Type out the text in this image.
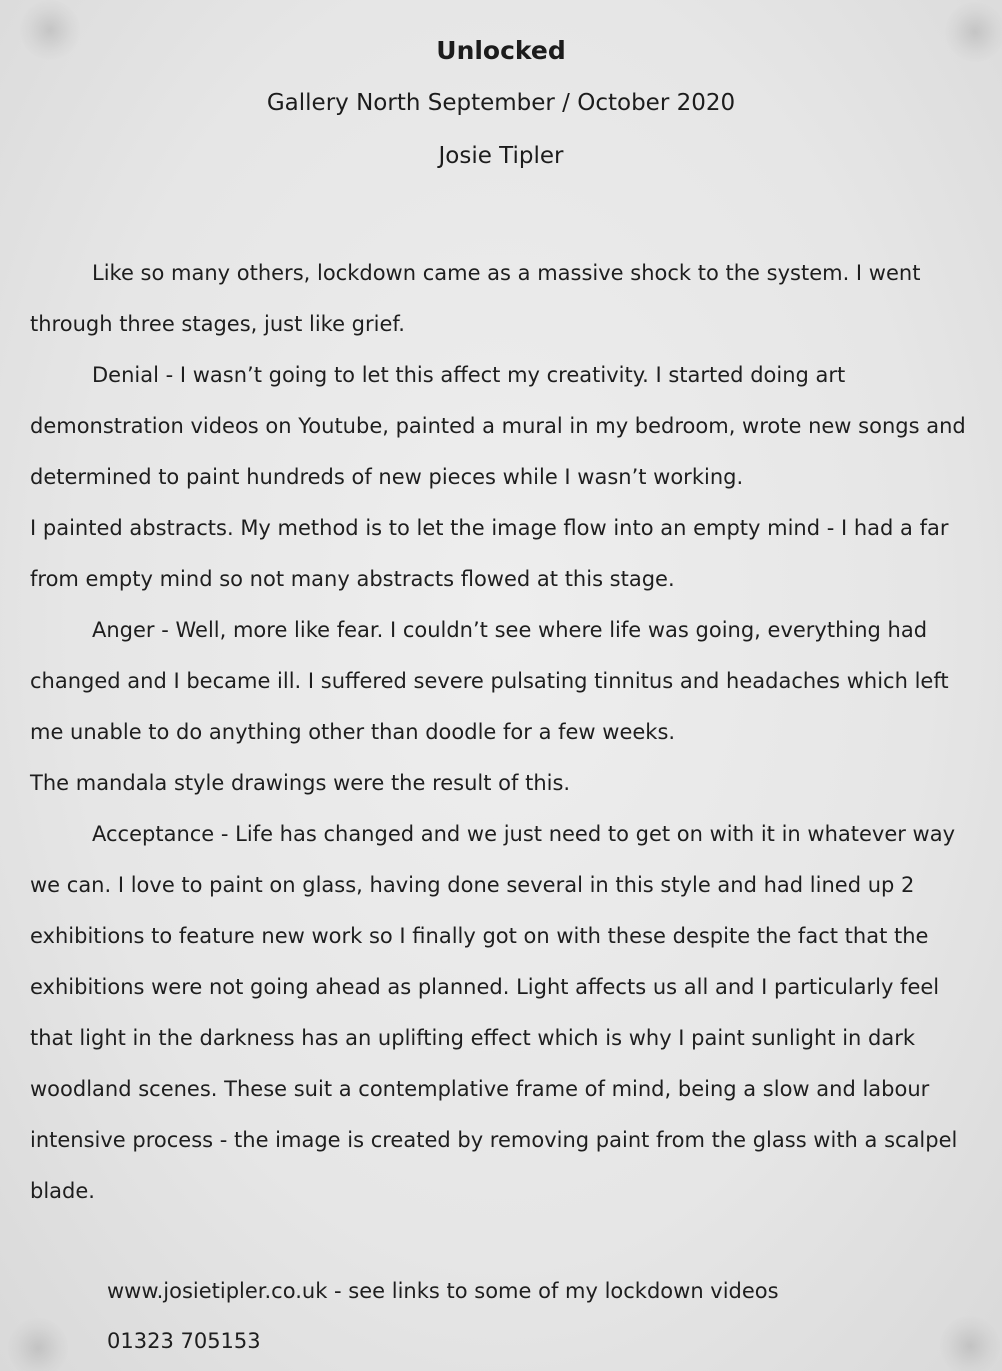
Unlocked
Gallery North September / October 2020
Josie Tipler

Like so many others, lockdown came as a massive shock to the system. I went through three stages, just like grief.

Denial - I wasn’t going to let this affect my creativity. I started doing art demonstration videos on Youtube, painted a mural in my bedroom, wrote new songs and determined to paint hundreds of new pieces while I wasn’t working.

I painted abstracts. My method is to let the image flow into an empty mind - I had a far from empty mind so not many abstracts flowed at this stage.

Anger - Well, more like fear. I couldn’t see where life was going, everything had changed and I became ill. I suffered severe pulsating tinnitus and headaches which left me unable to do anything other than doodle for a few weeks.

The mandala style drawings were the result of this.

Acceptance - Life has changed and we just need to get on with it in whatever way we can. I love to paint on glass, having done several in this style and had lined up 2 exhibitions to feature new work so I finally got on with these despite the fact that the exhibitions were not going ahead as planned. Light affects us all and I particularly feel that light in the darkness has an uplifting effect which is why I paint sunlight in dark woodland scenes. These suit a contemplative frame of mind, being a slow and labour intensive process - the image is created by removing paint from the glass with a scalpel blade.

www.josietipler.co.uk - see links to some of my lockdown videos
01323 705153
